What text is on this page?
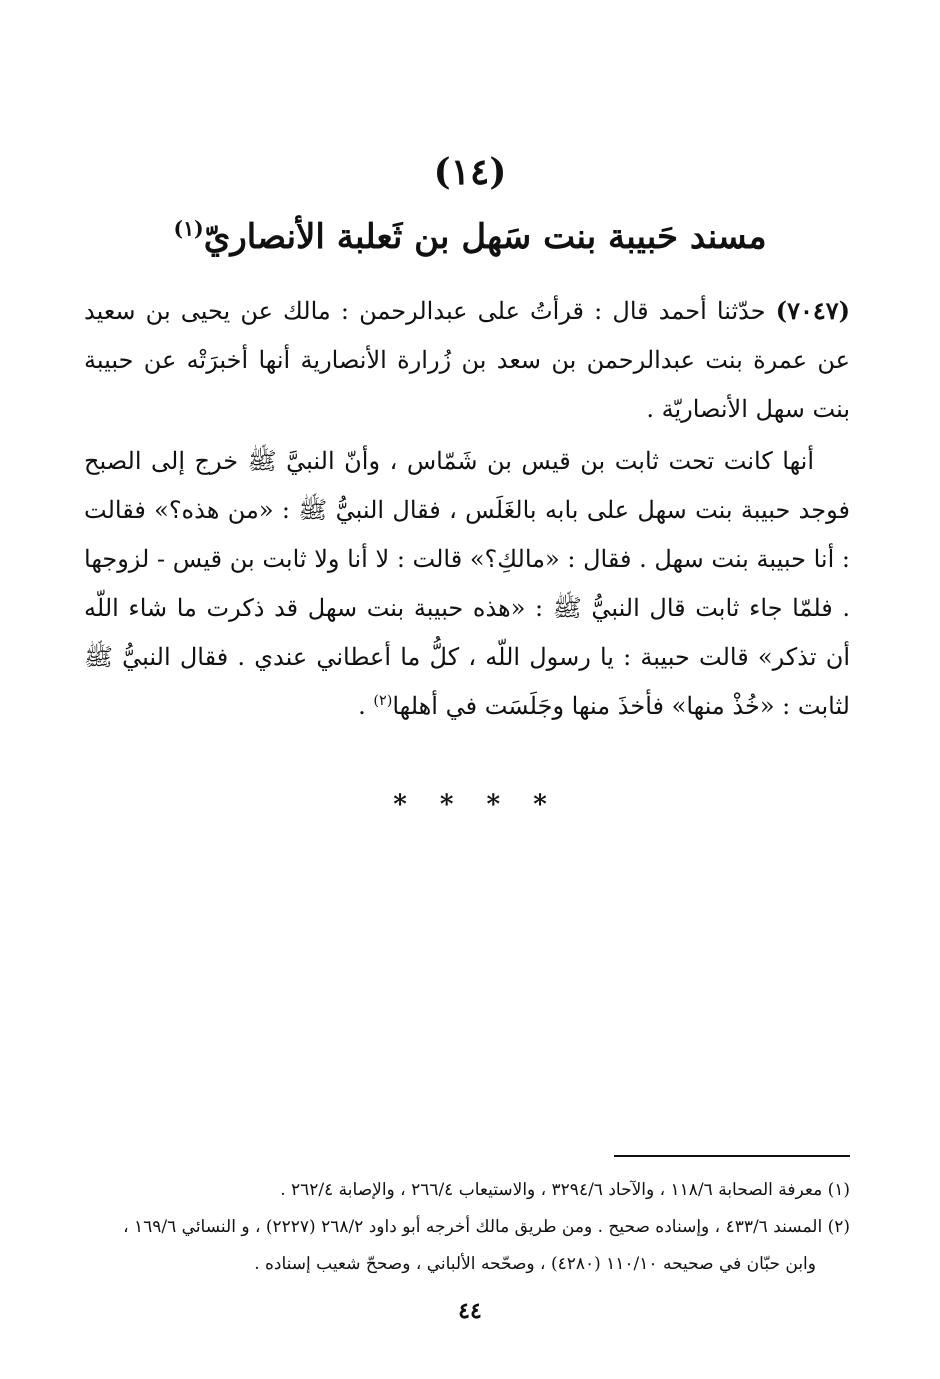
(١٤)
مسند حَبيبة بنت سَهل بن ثَعلبة الأنصاريّ$^{(١)}$
(٧٠٤٧) حدّثنا أحمد قال : قرأتُ على عبدالرحمن : مالك عن يحيى بن سعيد عن عمرة بنت عبدالرحمن بن سعد بن زُرارة الأنصارية أنها أخبرَتْه عن حبيبة بنت سهل الأنصاريّة .
أنها كانت تحت ثابت بن قيس بن شَمّاس ، وأنّ النبيَّ ﷺ خرج إلى الصبح فوجد حبيبة بنت سهل على بابه بالغَلَس ، فقال النبيُّ ﷺ : «من هذه؟» فقالت : أنا حبيبة بنت سهل . فقال : «مالكِ؟» قالت : لا أنا ولا ثابت بن قيس - لزوجها . فلمّا جاء ثابت قال النبيُّ ﷺ : «هذه حبيبة بنت سهل قد ذكرت ما شاء اللّه أن تذكر» قالت حبيبة : يا رسول اللّه ، كلُّ ما أعطاني عندي . فقال النبيُّ ﷺ لثابت : «خُذْ منها» فأخذَ منها وجَلَسَت في أهلها$^{(٢)}$ .
* * * *

(١) معرفة الصحابة ١١٨/٦ ، والآحاد ٣٢٩٤/٦ ، والاستيعاب ٢٦٦/٤ ، والإصابة ٢٦٢/٤ .

(٢) المسند ٤٣٣/٦ ، وإسناده صحيح . ومن طريق مالك أخرجه أبو داود ٢٦٨/٢ (٢٢٢٧) ، و النسائي ١٦٩/٦ ،

وابن حبّان في صحيحه ١١٠/١٠ (٤٢٨٠) ، وصحّحه الألباني ، وصححّ شعيب إسناده .

٤٤
